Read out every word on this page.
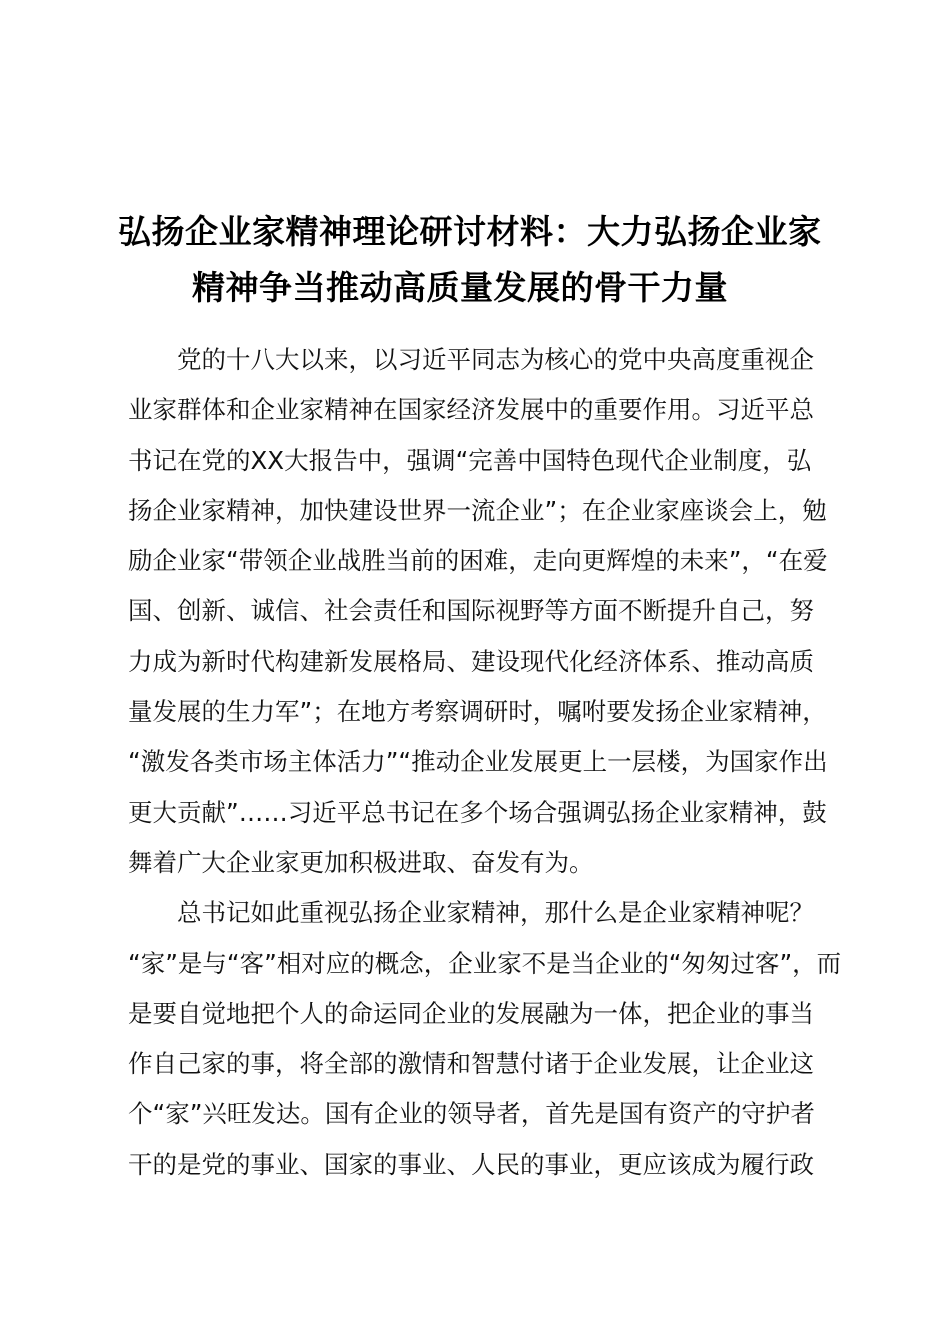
弘扬企业家精神理论研讨材料：大力弘扬企业家
精神争当推动高质量发展的骨干力量
党的十八大以来，以习近平同志为核心的党中央高度重视企
业家群体和企业家精神在国家经济发展中的重要作用。习近平总
书记在党的XX大报告中，强调“完善中国特色现代企业制度，弘
扬企业家精神，加快建设世界一流企业”；在企业家座谈会上，勉
励企业家“带领企业战胜当前的困难，走向更辉煌的未来”，“在爱
国、创新、诚信、社会责任和国际视野等方面不断提升自己，努
力成为新时代构建新发展格局、建设现代化经济体系、推动高质
量发展的生力军”；在地方考察调研时，嘱咐要发扬企业家精神，
“激发各类市场主体活力”“推动企业发展更上一层楼，为国家作出
更大贡献”……习近平总书记在多个场合强调弘扬企业家精神，鼓
舞着广大企业家更加积极进取、奋发有为。
总书记如此重视弘扬企业家精神，那什么是企业家精神呢？
“家”是与“客”相对应的概念，企业家不是当企业的“匆匆过客”，而
是要自觉地把个人的命运同企业的发展融为一体，把企业的事当
作自己家的事，将全部的激情和智慧付诸于企业发展，让企业这
个“家”兴旺发达。国有企业的领导者，首先是国有资产的守护者
干的是党的事业、国家的事业、人民的事业，更应该成为履行政
